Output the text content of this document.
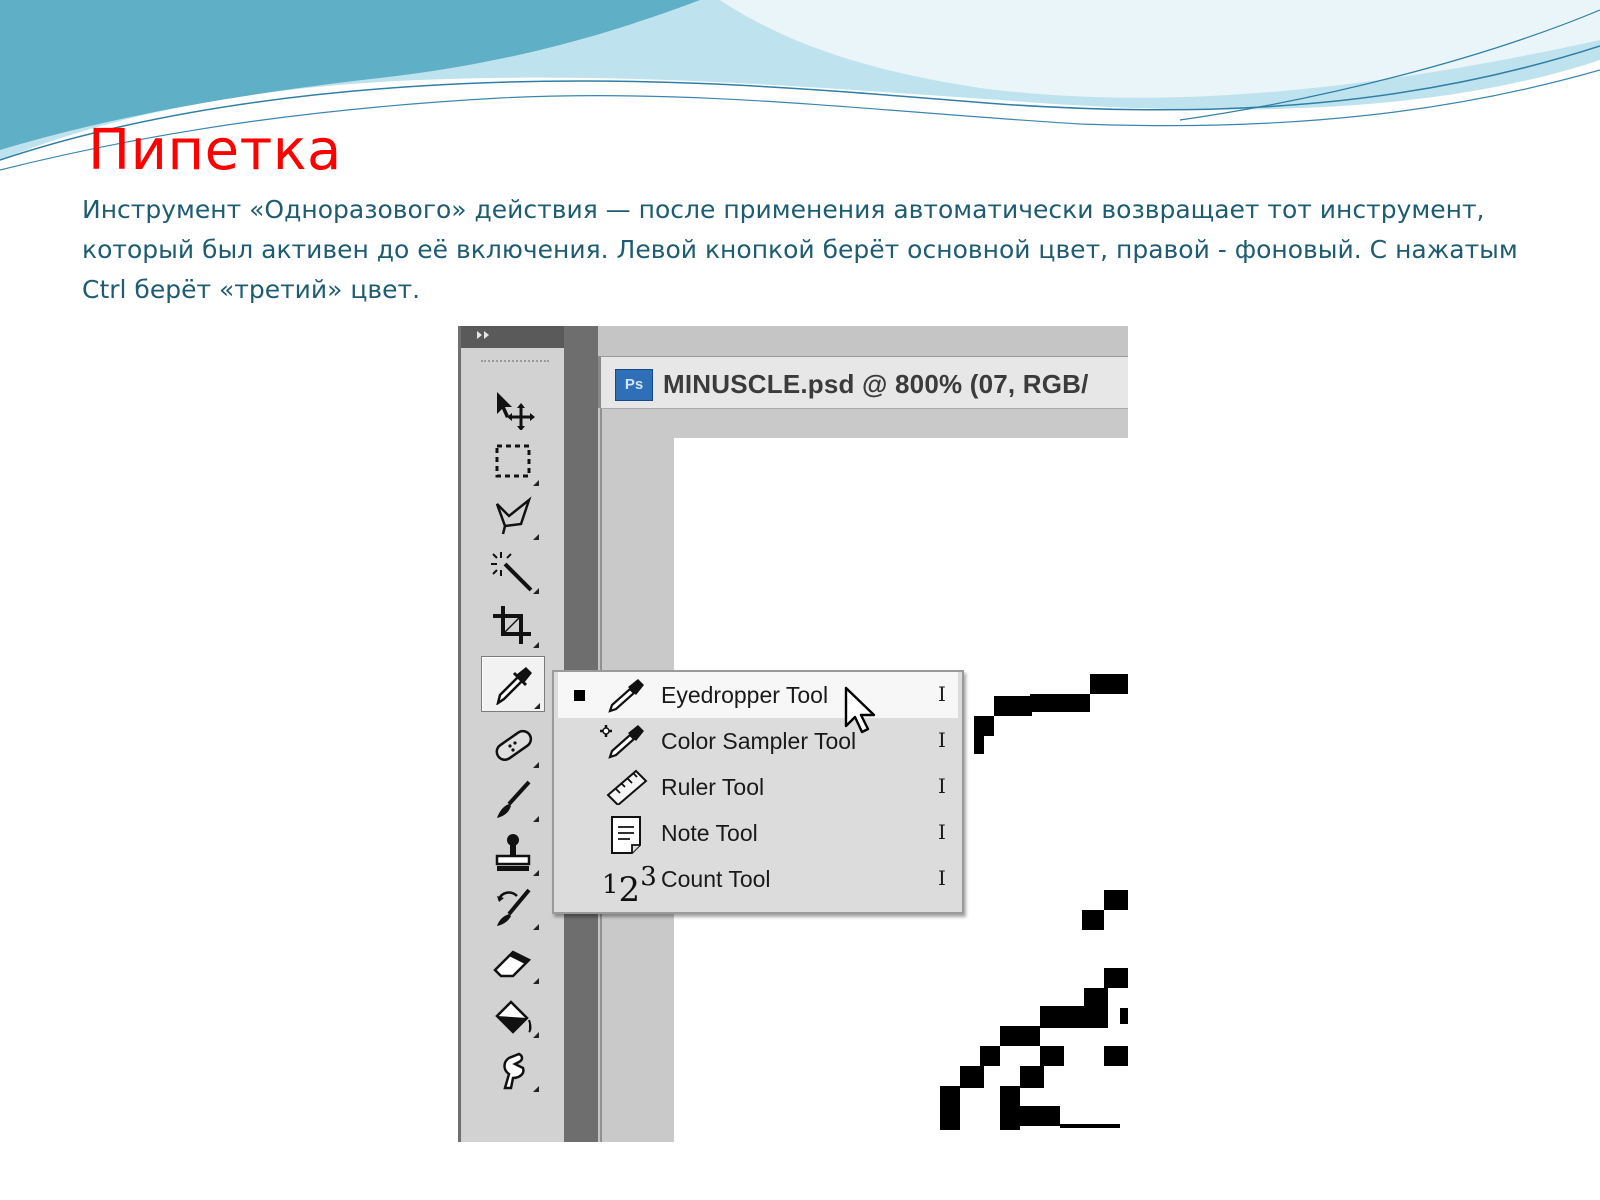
Пипетка

Инструмент «Одноразового» действия — после применения автоматически возвращает тот инструмент, который был активен до её включения. Левой кнопкой берёт основной цвет, правой - фоновый. С нажатым Ctrl берёт «третий» цвет.

Ps MINUSCLE.psd @ 800% (07, RGB/
Eyedropper Tool	I
Color Sampler Tool	I
Ruler Tool	I
Note Tool	I
123 Count Tool	I
